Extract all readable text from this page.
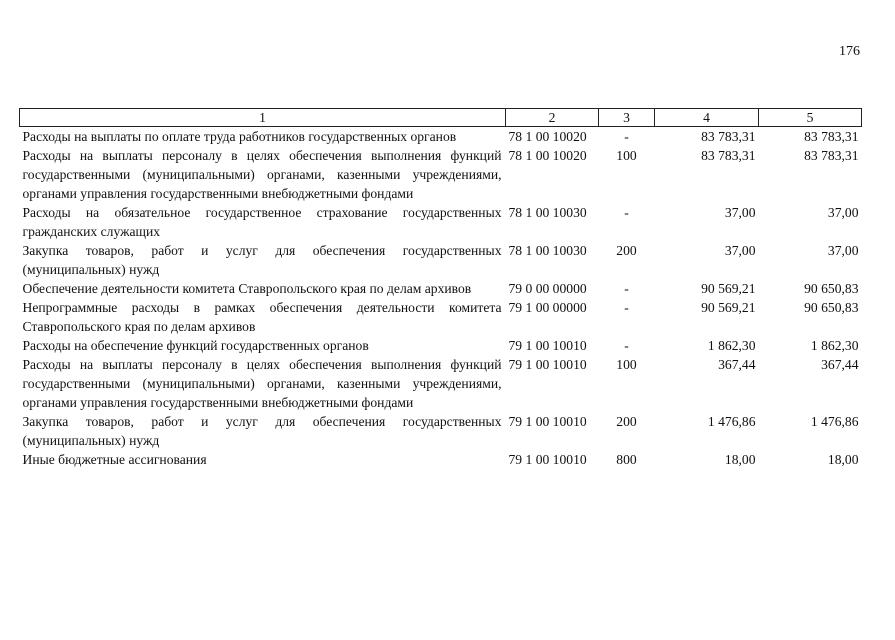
176
1	2	3	4	5
Расходы на выплаты по оплате труда работников государственных органов	78 1 00 10020	-	83 783,31	83 783,31
Расходы на выплаты персоналу в целях обеспечения выполнения функций государственными (муниципальными) органами, казенными учреждениями, органами управления государственными внебюджетными фондами	78 1 00 10020	100	83 783,31	83 783,31
Расходы на обязательное государственное страхование государственных гражданских служащих	78 1 00 10030	-	37,00	37,00
Закупка товаров, работ и услуг для обеспечения государственных (муниципальных) нужд	78 1 00 10030	200	37,00	37,00
Обеспечение деятельности комитета Ставропольского края по делам архивов	79 0 00 00000	-	90 569,21	90 650,83
Непрограммные расходы в рамках обеспечения деятельности комитета Ставропольского края по делам архивов	79 1 00 00000	-	90 569,21	90 650,83
Расходы на обеспечение функций государственных органов	79 1 00 10010	-	1 862,30	1 862,30
Расходы на выплаты персоналу в целях обеспечения выполнения функций государственными (муниципальными) органами, казенными учреждениями, органами управления государственными внебюджетными фондами	79 1 00 10010	100	367,44	367,44
Закупка товаров, работ и услуг для обеспечения государственных (муниципальных) нужд	79 1 00 10010	200	1 476,86	1 476,86
Иные бюджетные ассигнования	79 1 00 10010	800	18,00	18,00
